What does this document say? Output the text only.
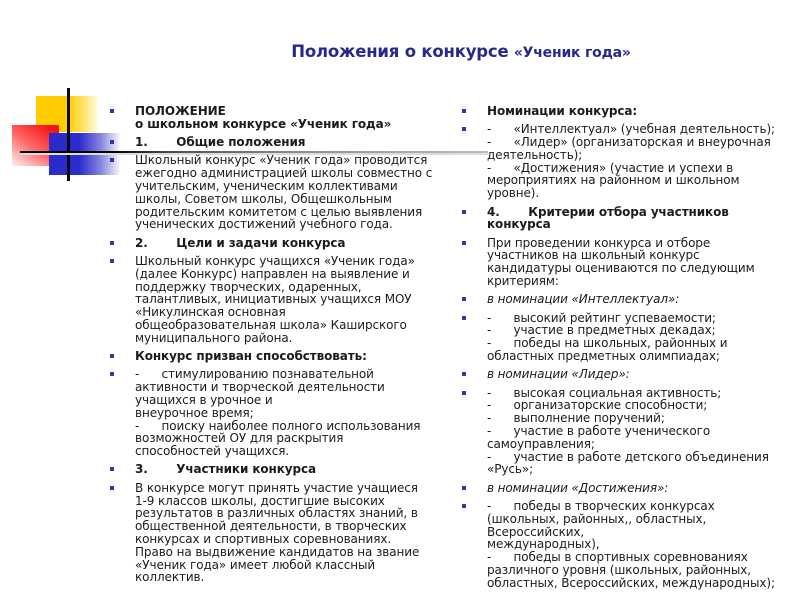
Положения о конкурсе «Ученик года»
ПОЛОЖЕНИЕ
о школьном конкурсе «Ученик года»
1.       Общие положения
Школьный конкурс «Ученик года» проводится
ежегодно администрацией школы совместно с
учительским, ученическим коллективами
школы, Советом школы, Общешкольным
родительским комитетом с целью выявления
ученических достижений учебного года.
2.       Цели и задачи конкурса
Школьный конкурс учащихся «Ученик года»
(далее Конкурс) направлен на выявление и
поддержку творческих, одаренных,
талантливых, инициативных учащихся МОУ
«Никулинская основная
общеобразовательная школа» Каширского
муниципального района.
Конкурс призван способствовать:
-      стимулированию познавательной
активности и творческой деятельности
учащихся в урочное и
внеурочное время;
-      поиску наиболее полного использования
возможностей ОУ для раскрытия
способностей учащихся.
3.       Участники конкурса
В конкурсе могут принять участие учащиеся
1-9 классов школы, достигшие высоких
результатов в различных областях знаний, в
общественной деятельности, в творческих
конкурсах и спортивных соревнованиях.
Право на выдвижение кандидатов на звание
«Ученик года» имеет любой классный
коллектив.
Номинации конкурса:
-      «Интеллектуал» (учебная деятельность);
-      «Лидер» (организаторская и внеурочная
деятельность);
-      «Достижения» (участие и успехи в
мероприятиях на районном и школьном
уровне).
4.       Критерии отбора участников
конкурса
При проведении конкурса и отборе
участников на школьный конкурс
кандидатуры оцениваются по следующим
критериям:
в номинации «Интеллектуал»:
-      высокий рейтинг успеваемости;
-      участие в предметных декадах;
-      победы на школьных, районных и
областных предметных олимпиадах;
в номинации «Лидер»:
-      высокая социальная активность;
-      организаторские способности;
-      выполнение поручений;
-      участие в работе ученического
самоуправления;
-      участие в работе детского объединения
«Русь»;
в номинации «Достижения»:
-      победы в творческих конкурсах
(школьных, районных,, областных,
Всероссийских,
международных),
-      победы в спортивных соревнованиях
различного уровня (школьных, районных,
областных, Всероссийских, международных);
